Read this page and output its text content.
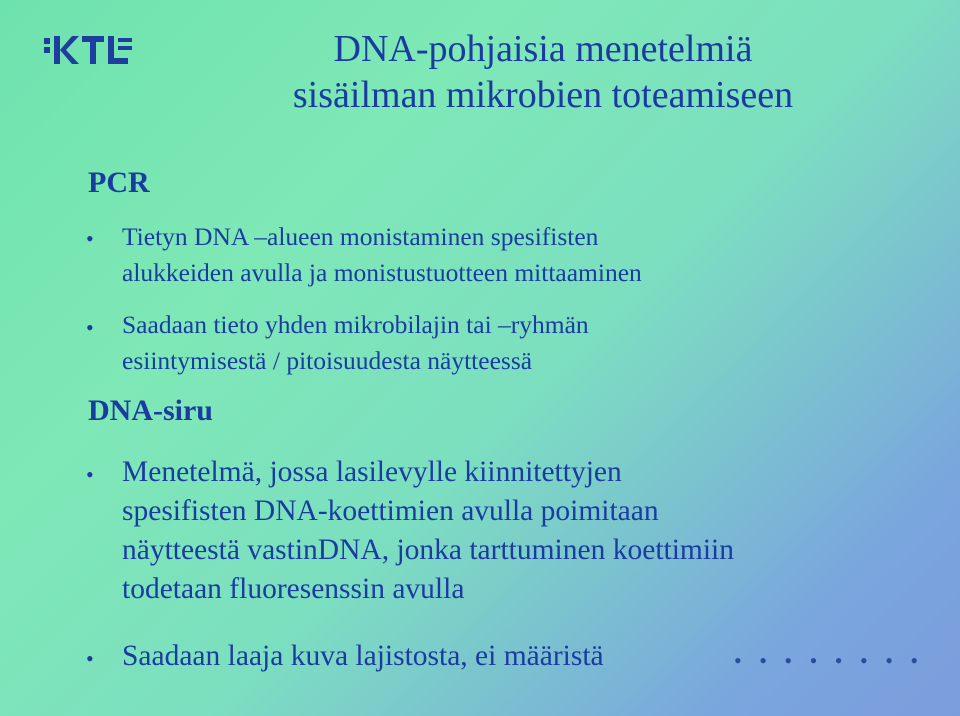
DNA-pohjaisia menetelmiä
sisäilman mikrobien toteamiseen
PCR
• Tietyn DNA –alueen monistaminen spesifisten
alukkeiden avulla ja monistustuotteen mittaaminen
• Saadaan tieto yhden mikrobilajin tai –ryhmän
esiintymisestä / pitoisuudesta näytteessä
DNA-siru
• Menetelmä, jossa lasilevylle kiinnitettyjen
spesifisten DNA-koettimien avulla poimitaan
näytteestä vastinDNA, jonka tarttuminen koettimiin
todetaan fluoresenssin avulla
• Saadaan laaja kuva lajistosta, ei määristä	• • • • • • • •
